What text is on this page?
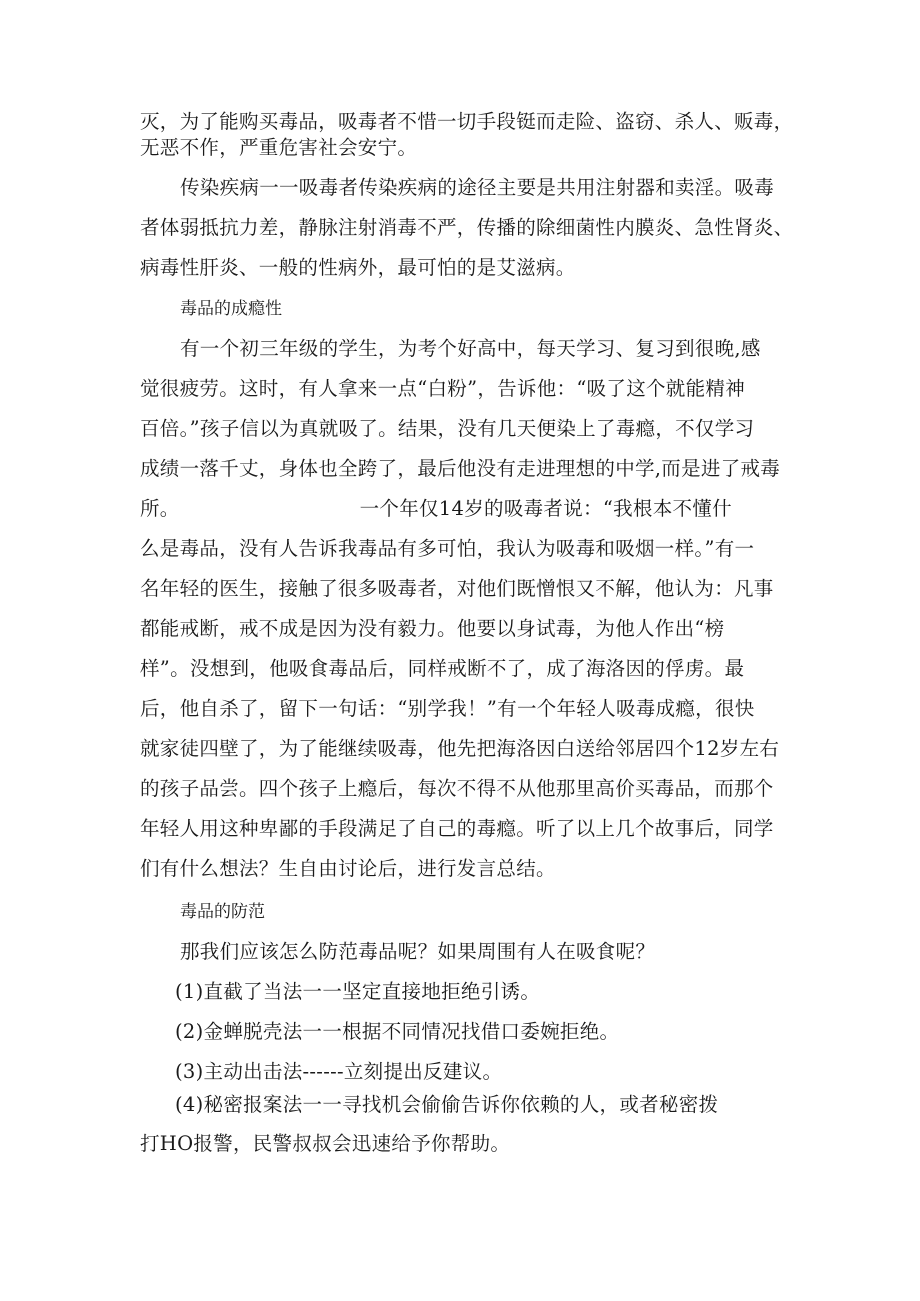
灭，为了能购买毒品，吸毒者不惜一切手段铤而走险、盗窃、杀人、贩毒，
无恶不作，严重危害社会安宁。
传染疾病一一吸毒者传染疾病的途径主要是共用注射器和卖淫。吸毒
者体弱抵抗力差，静脉注射消毒不严，传播的除细菌性内膜炎、急性肾炎、
病毒性肝炎、一般的性病外，最可怕的是艾滋病。
毒品的成瘾性
有一个初三年级的学生，为考个好高中，每天学习、复习到很晚,感
觉很疲劳。这时，有人拿来一点“白粉”，告诉他：“吸了这个就能精神
百倍。”孩子信以为真就吸了。结果，没有几天便染上了毒瘾，不仅学习
成绩一落千丈，身体也全跨了，最后他没有走进理想的中学,而是进了戒毒
所。	一个年仅14岁的吸毒者说：“我根本不懂什
么是毒品，没有人告诉我毒品有多可怕，我认为吸毒和吸烟一样。”有一
名年轻的医生，接触了很多吸毒者，对他们既憎恨又不解，他认为：凡事
都能戒断，戒不成是因为没有毅力。他要以身试毒，为他人作出“榜
样”。没想到，他吸食毒品后，同样戒断不了，成了海洛因的俘虏。最
后，他自杀了，留下一句话：“别学我！”有一个年轻人吸毒成瘾，很快
就家徒四壁了，为了能继续吸毒，他先把海洛因白送给邻居四个12岁左右
的孩子品尝。四个孩子上瘾后，每次不得不从他那里高价买毒品，而那个
年轻人用这种卑鄙的手段满足了自己的毒瘾。听了以上几个故事后，同学
们有什么想法？生自由讨论后，进行发言总结。
毒品的防范
那我们应该怎么防范毒品呢？如果周围有人在吸食呢？
(1)直截了当法一一坚定直接地拒绝引诱。
(2)金蝉脱壳法一一根据不同情况找借口委婉拒绝。
(3)主动出击法------立刻提出反建议。
(4)秘密报案法一一寻找机会偷偷告诉你依赖的人，或者秘密拨
打HO报警，民警叔叔会迅速给予你帮助。
